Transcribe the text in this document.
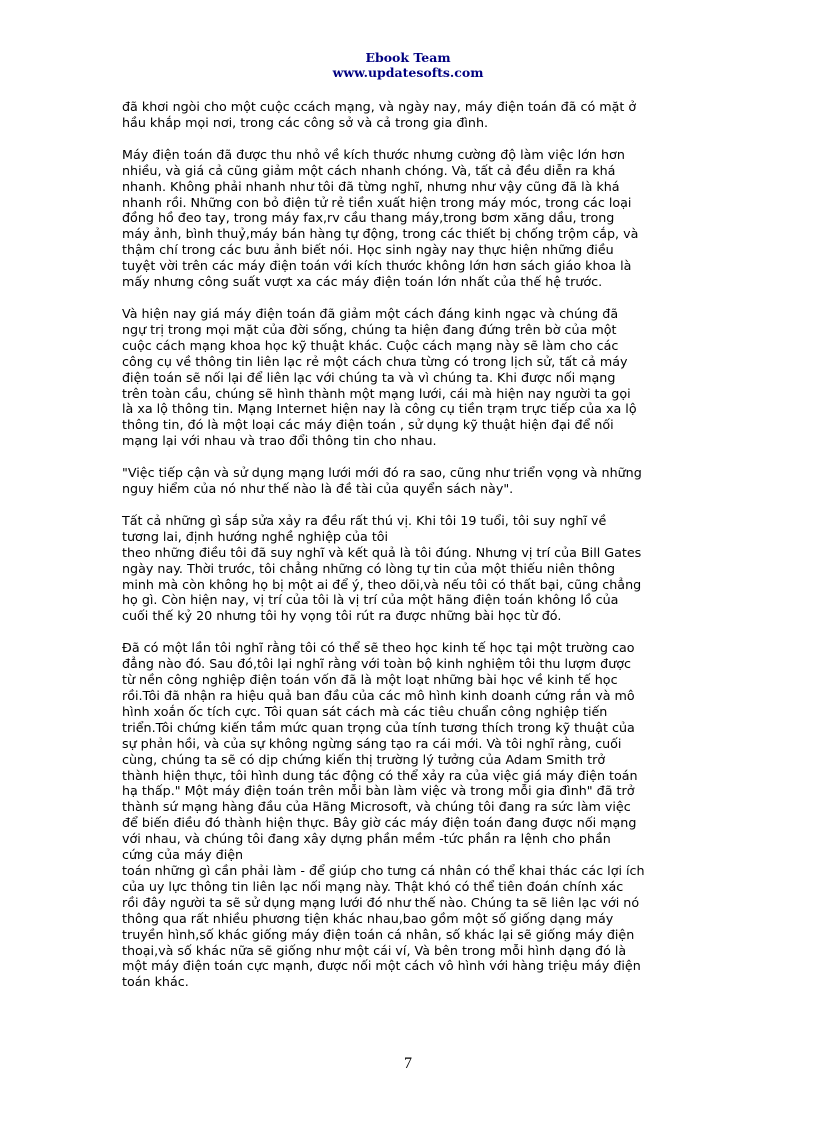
Ebook Team
www.updatesofts.com

đã khơi ngòi cho một cuộc ccách mạng, và ngày nay, máy điện toán đã có mặt ở
hầu khắp mọi nơi, trong các công sở và cả trong gia đình.

Máy điện toán đã được thu nhỏ về kích thước nhưng cường độ làm việc lớn hơn
nhiều, và giá cả cũng giảm một cách nhanh chóng. Và, tất cả đều diễn ra khá
nhanh. Không phải nhanh như tôi đã từng nghĩ, nhưng như vậy cũng đã là khá
nhanh rồi. Những con bỏ điện tử rẻ tiền xuất hiện trong máy móc, trong các loại
đồng hồ đeo tay, trong máy fax,rv cầu thang máy,trong bơm xăng dầu, trong
máy ảnh, bình thuỷ,máy bán hàng tự động, trong các thiết bị chống trộm cắp, và
thậm chí trong các bưu ảnh biết nói. Học sinh ngày nay thực hiện những điều
tuyệt vời trên các máy điện toán với kích thước không lớn hơn sách giáo khoa là
mấy nhưng công suất vượt xa các máy điện toán lớn nhất của thế hệ trước.

Và hiện nay giá máy điện toán đã giảm một cách đáng kinh ngạc và chúng đã
ngự trị trong mọi mặt của đời sống, chúng ta hiện đang đứng trên bờ của một
cuộc cách mạng khoa học kỹ thuật khác. Cuộc cách mạng này sẽ làm cho các
công cụ về thông tin liên lạc rẻ một cách chưa từng có trong lịch sử, tất cả máy
điện toán sẽ nối lại để liên lạc với chúng ta và vì chúng ta. Khi được nối mạng
trên toàn cầu, chúng sẽ hình thành một mạng lưới, cái mà hiện nay người ta gọi
là xa lộ thông tin. Mạng Internet hiện nay là công cụ tiền trạm trực tiếp của xa lộ
thông tin, đó là một loại các máy điện toán , sử dụng kỹ thuật hiện đại để nối
mạng lại với nhau và trao đổi thông tin cho nhau.

"Việc tiếp cận và sử dụng mạng lưới mới đó ra sao, cũng như triển vọng và những
nguy hiểm của nó như thế nào là đề tài của quyển sách này".

Tất cả những gì sắp sửa xảy ra đều rất thú vị. Khi tôi 19 tuổi, tôi suy nghĩ về
tương lai, định hướng nghề nghiệp của tôi
theo những điều tôi đã suy nghĩ và kết quả là tôi đúng. Nhưng vị trí của Bill Gates
ngày nay. Thời trước, tôi chẳng những có lòng tự tin của một thiếu niên thông
minh mà còn không họ bị một ai để ý, theo dõi,và nếu tôi có thất bại, cũng chẳng
họ gì. Còn hiện nay, vị trí của tôi là vị trí của một hãng điện toán không lồ của
cuối thế kỷ 20 nhưng tôi hy vọng tôi rút ra được những bài học từ đó.

Đã có một lần tôi nghĩ rằng tôi có thể sẽ theo học kinh tế học tại một trường cao
đẳng nào đó. Sau đó,tôi lại nghĩ rằng với toàn bộ kinh nghiệm tôi thu lượm được
từ nền công nghiệp điện toán vốn đã là một loạt những bài học về kinh tế học
rồi.Tôi đã nhận ra hiệu quả ban đầu của các mô hình kinh doanh cứng rắn và mô
hình xoắn ốc tích cực. Tôi quan sát cách mà các tiêu chuẩn công nghiệp tiến
triển.Tôi chứng kiến tầm mức quan trọng của tính tương thích trong kỹ thuật của
sự phản hồi, và của sự không ngừng sáng tạo ra cái mới. Và tôi nghĩ rằng, cuối
cùng, chúng ta sẽ có dịp chứng kiến thị trường lý tưởng của Adam Smith trở
thành hiện thực, tôi hình dung tác động có thể xảy ra của việc giá máy điện toán
hạ thấp." Một máy điện toán trên mỗi bàn làm việc và trong mỗi gia đình" đã trở
thành sứ mạng hàng đầu của Hãng Microsoft, và chúng tôi đang ra sức làm việc
để biến điều đó thành hiện thực. Bây giờ các máy điện toán đang được nối mạng
với nhau, và chúng tôi đang xây dựng phần mềm -tức phần ra lệnh cho phần
cứng của máy điện
toán những gì cần phải làm - để giúp cho tưng cá nhân có thể khai thác các lợi ích
của uy lực thông tin liên lạc nối mạng này. Thật khó có thể tiên đoán chính xác
rồi đây người ta sẽ sử dụng mạng lưới đó như thế nào. Chúng ta sẽ liên lạc với nó
thông qua rất nhiều phương tiện khác nhau,bao gồm một số giống dạng máy
truyền hình,số khác giống máy điện toán cá nhân, số khác lại sẽ giống máy điện
thoại,và số khác nữa sẽ giống như một cái ví, Và bên trong mỗi hình dạng đó là
một máy điện toán cực mạnh, được nối một cách vô hình với hàng triệu máy điện
toán khác.

7
